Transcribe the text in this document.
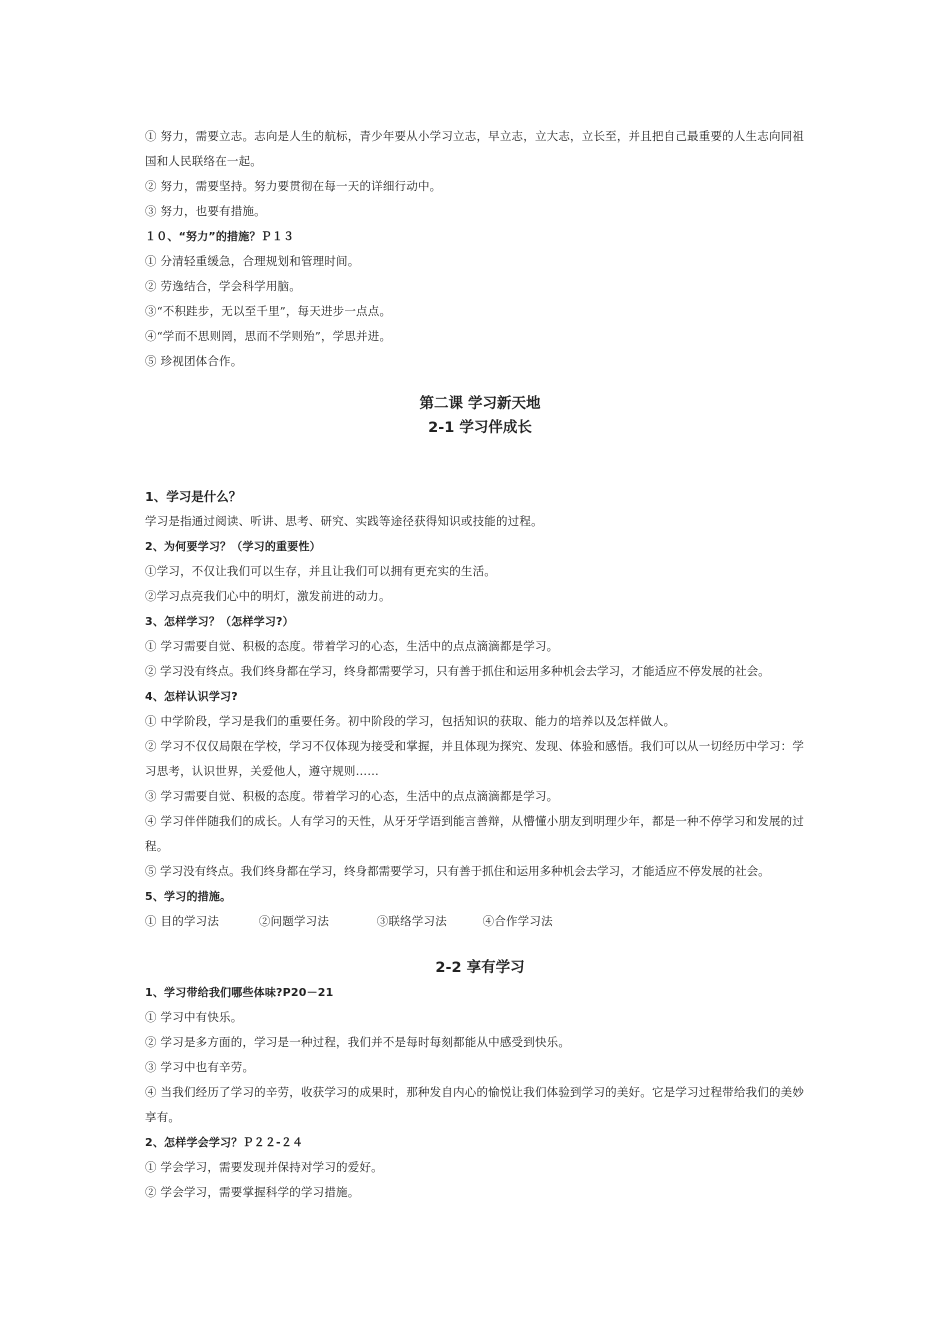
① 努力，需要立志。志向是人生的航标，青少年要从小学习立志，早立志，立大志，立长至，并且把自己最重要的人生志向同祖国和人民联络在一起。
② 努力，需要坚持。努力要贯彻在每一天的详细行动中。
③ 努力，也要有措施。
１０、“努力”的措施？Ｐ１３
① 分清轻重缓急，合理规划和管理时间。
② 劳逸结合，学会科学用脑。
③“不积跬步，无以至千里”，每天进步一点点。
④“学而不思则罔，思而不学则殆”，学思并进。
⑤ 珍视团体合作。
第二课 学习新天地
2-1 学习伴成长
1、学习是什么？
学习是指通过阅读、听讲、思考、研究、实践等途径获得知识或技能的过程。
2、为何要学习？（学习的重要性）
①学习，不仅让我们可以生存，并且让我们可以拥有更充实的生活。
②学习点亮我们心中的明灯，激发前进的动力。
3、怎样学习？（怎样学习?）
① 学习需要自觉、积极的态度。带着学习的心态，生活中的点点滴滴都是学习。
② 学习没有终点。我们终身都在学习，终身都需要学习，只有善于抓住和运用多种机会去学习，才能适应不停发展的社会。
4、怎样认识学习?
① 中学阶段，学习是我们的重要任务。初中阶段的学习，包括知识的获取、能力的培养以及怎样做人。
② 学习不仅仅局限在学校，学习不仅体现为接受和掌握，并且体现为探究、发现、体验和感悟。我们可以从一切经历中学习：学习思考，认识世界，关爱他人，遵守规则……
③ 学习需要自觉、积极的态度。带着学习的心态，生活中的点点滴滴都是学习。
④ 学习伴伴随我们的成长。人有学习的天性，从牙牙学语到能言善辩，从懵懂小朋友到明理少年，都是一种不停学习和发展的过程。
⑤ 学习没有终点。我们终身都在学习，终身都需要学习，只有善于抓住和运用多种机会去学习，才能适应不停发展的社会。
5、学习的措施。
① 目的学习法	②问题学习法	③联络学习法	④合作学习法
2-2 享有学习
1、学习带给我们哪些体味?P20－21
① 学习中有快乐。
② 学习是多方面的，学习是一种过程，我们并不是每时每刻都能从中感受到快乐。
③ 学习中也有辛劳。
④ 当我们经历了学习的辛劳，收获学习的成果时，那种发自内心的愉悦让我们体验到学习的美好。它是学习过程带给我们的美妙享有。
2、怎样学会学习？Ｐ２２-２４
① 学会学习，需要发现并保持对学习的爱好。
② 学会学习，需要掌握科学的学习措施。
